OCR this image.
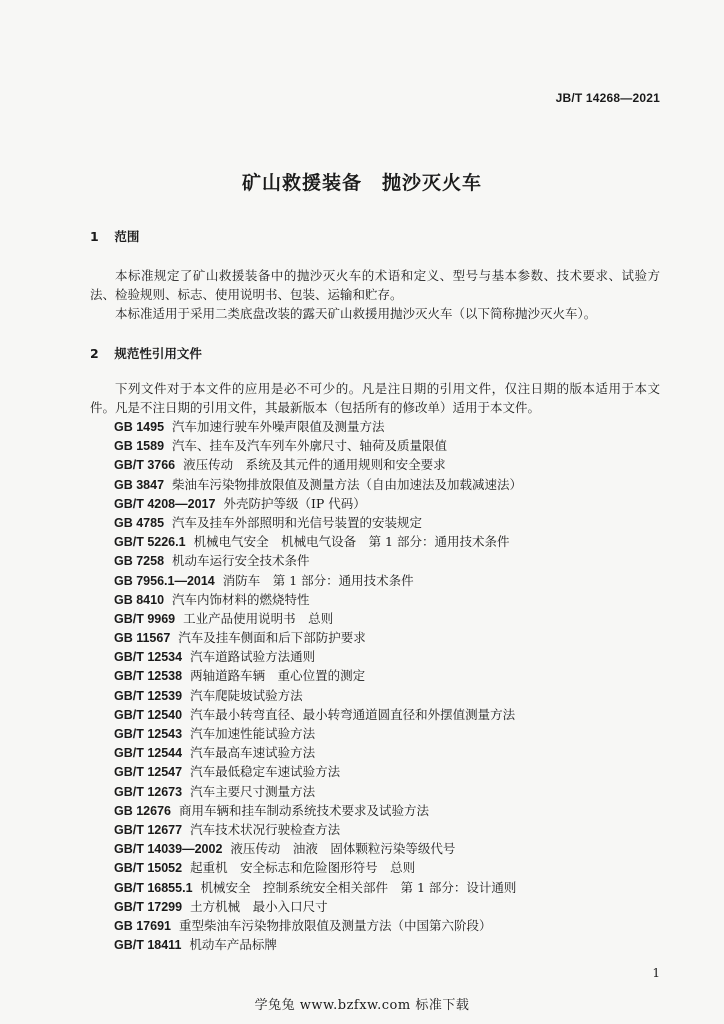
JB/T 14268—2021
矿山救援装备　抛沙灭火车
1 范围
本标准规定了矿山救援装备中的抛沙灭火车的术语和定义、型号与基本参数、技术要求、试验方法、检验规则、标志、使用说明书、包装、运输和贮存。
本标准适用于采用二类底盘改装的露天矿山救援用抛沙灭火车（以下简称抛沙灭火车）。
2 规范性引用文件
下列文件对于本文件的应用是必不可少的。凡是注日期的引用文件，仅注日期的版本适用于本文件。凡是不注日期的引用文件，其最新版本（包括所有的修改单）适用于本文件。
GB 1495 汽车加速行驶车外噪声限值及测量方法
GB 1589 汽车、挂车及汽车列车外廓尺寸、轴荷及质量限值
GB/T 3766 液压传动　系统及其元件的通用规则和安全要求
GB 3847 柴油车污染物排放限值及测量方法（自由加速法及加载减速法）
GB/T 4208—2017 外壳防护等级（IP 代码）
GB 4785 汽车及挂车外部照明和光信号装置的安装规定
GB/T 5226.1 机械电气安全　机械电气设备　第 1 部分：通用技术条件
GB 7258 机动车运行安全技术条件
GB 7956.1—2014 消防车　第 1 部分：通用技术条件
GB 8410 汽车内饰材料的燃烧特性
GB/T 9969 工业产品使用说明书　总则
GB 11567 汽车及挂车侧面和后下部防护要求
GB/T 12534 汽车道路试验方法通则
GB/T 12538 两轴道路车辆　重心位置的测定
GB/T 12539 汽车爬陡坡试验方法
GB/T 12540 汽车最小转弯直径、最小转弯通道圆直径和外摆值测量方法
GB/T 12543 汽车加速性能试验方法
GB/T 12544 汽车最高车速试验方法
GB/T 12547 汽车最低稳定车速试验方法
GB/T 12673 汽车主要尺寸测量方法
GB 12676 商用车辆和挂车制动系统技术要求及试验方法
GB/T 12677 汽车技术状况行驶检查方法
GB/T 14039—2002 液压传动　油液　固体颗粒污染等级代号
GB/T 15052 起重机　安全标志和危险图形符号　总则
GB/T 16855.1 机械安全　控制系统安全相关部件　第 1 部分：设计通则
GB/T 17299 土方机械　最小入口尺寸
GB 17691 重型柴油车污染物排放限值及测量方法（中国第六阶段）
GB/T 18411 机动车产品标牌
1
学兔兔 www.bzfxw.com 标准下载
